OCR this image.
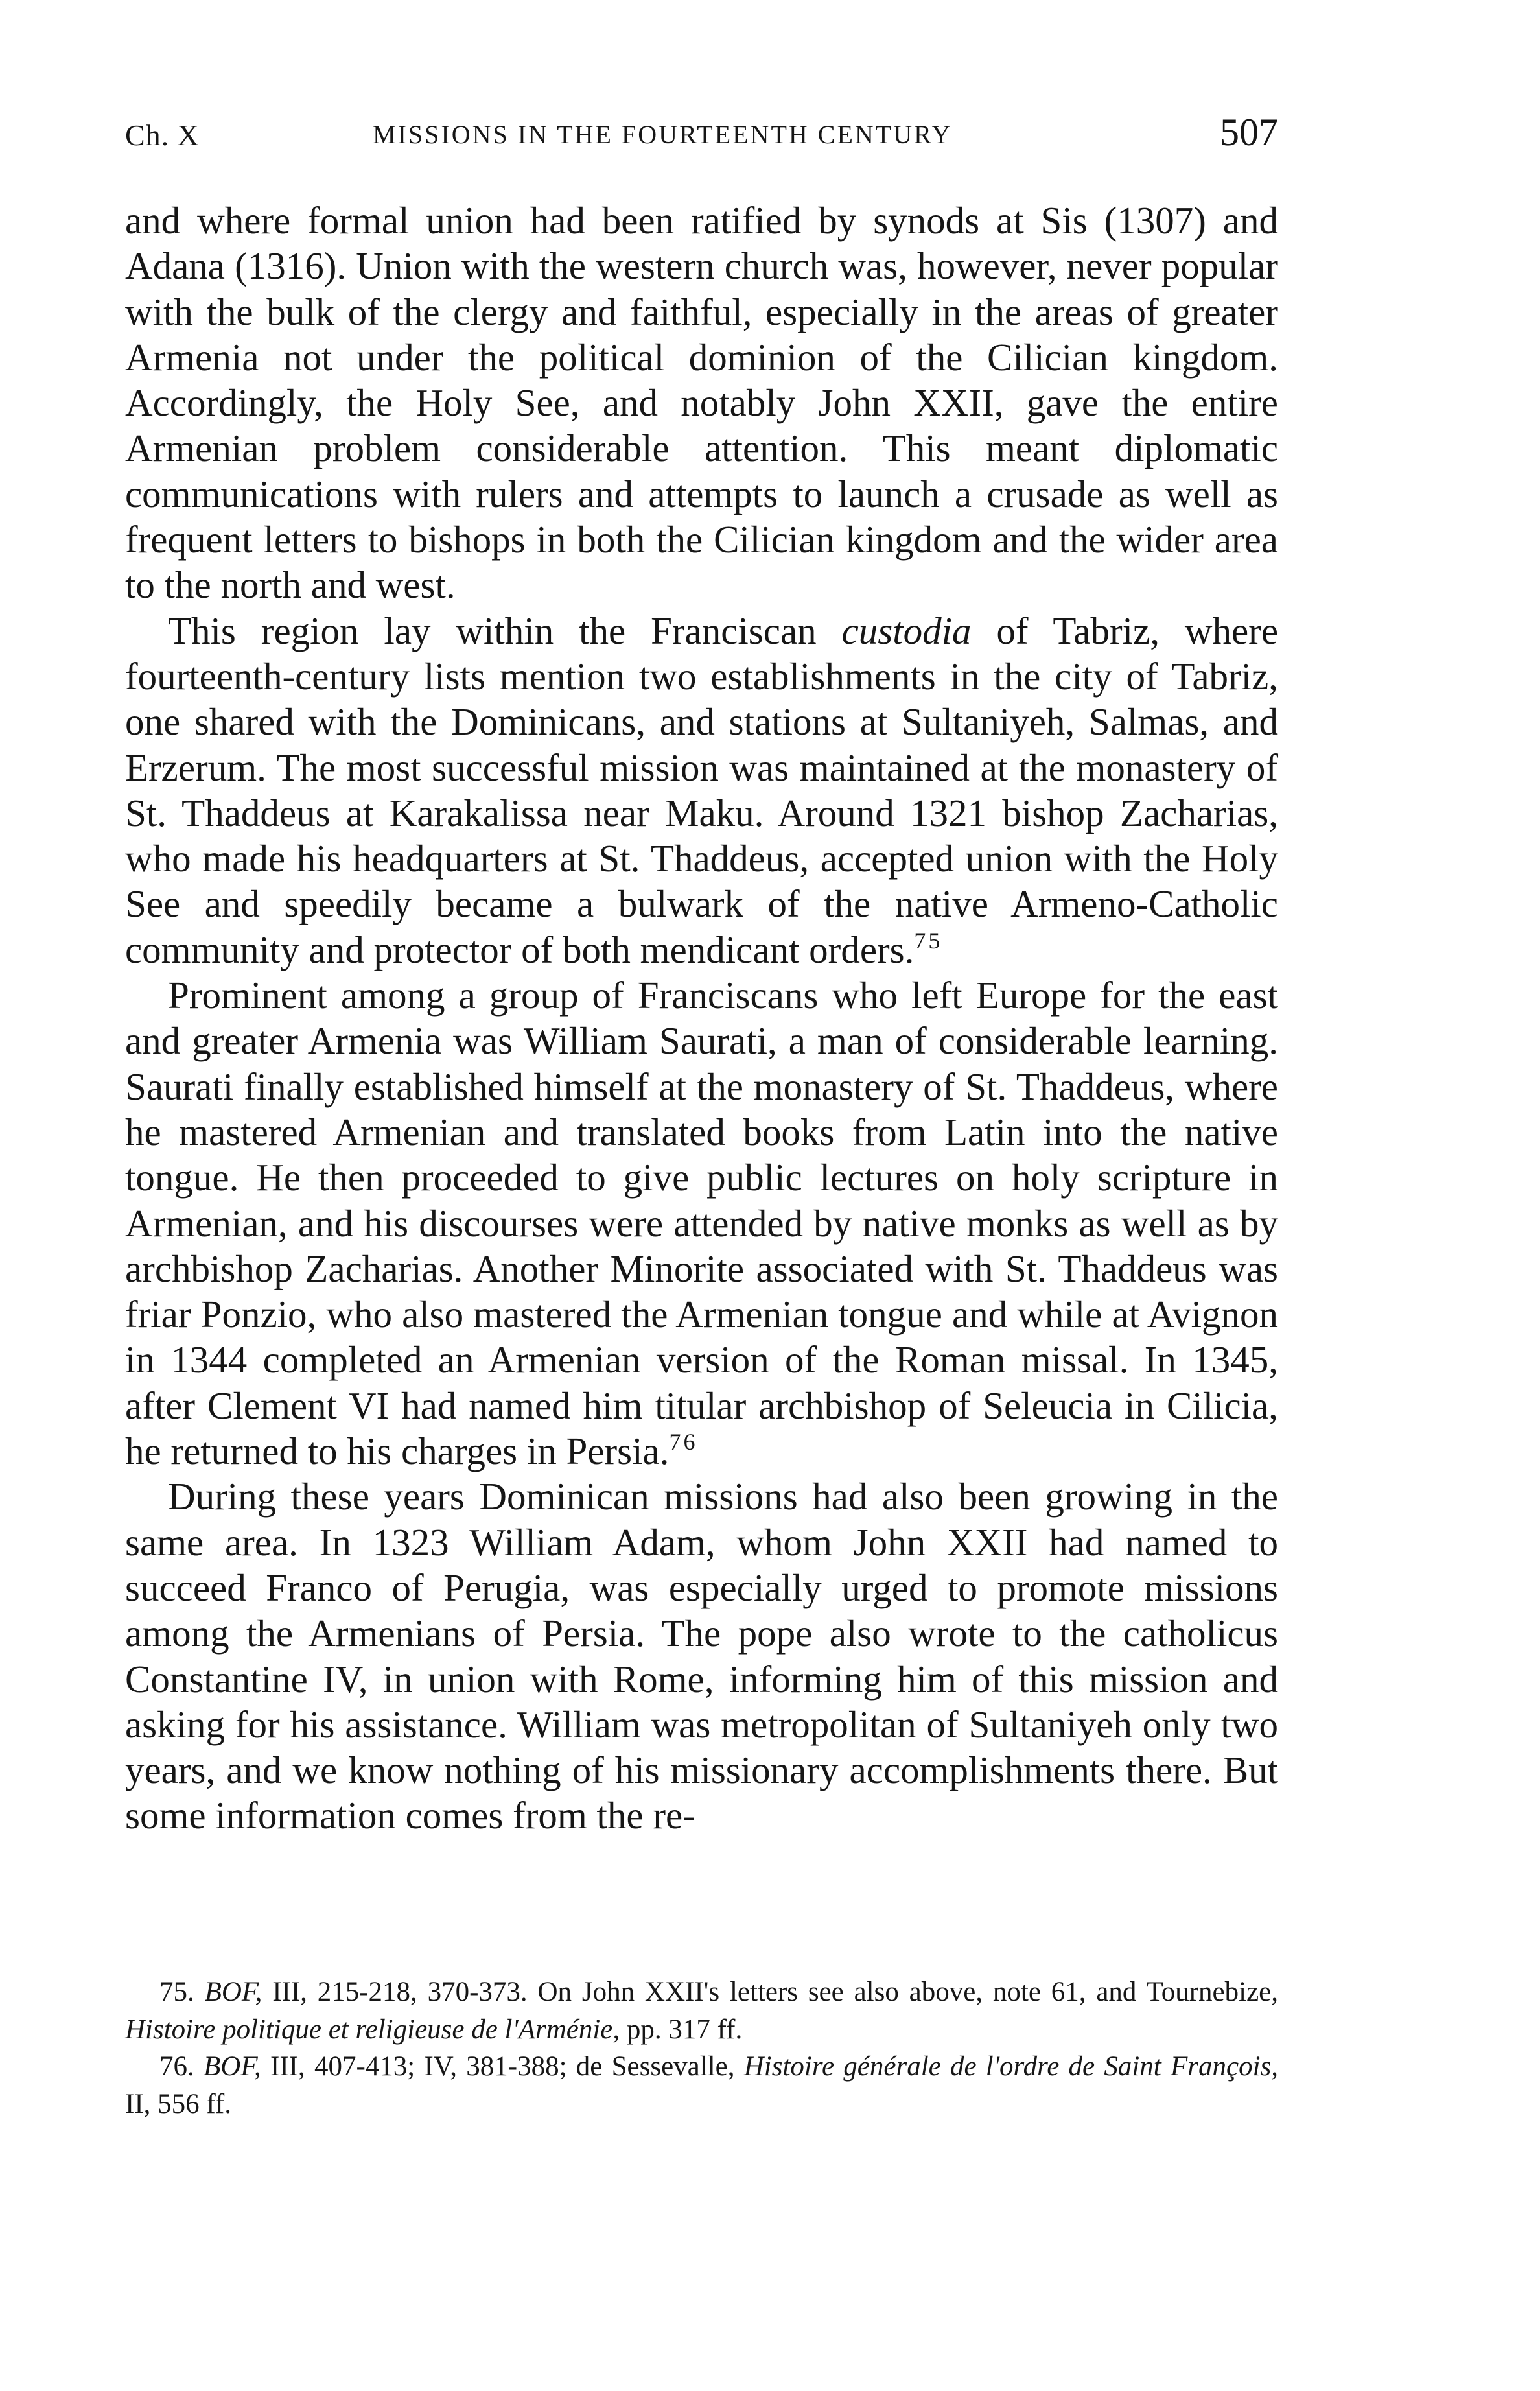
Ch. X	MISSIONS IN THE FOURTEENTH CENTURY	507

and where formal union had been ratified by synods at Sis (1307) and Adana (1316). Union with the western church was, however, never popular with the bulk of the clergy and faithful, especially in the areas of greater Armenia not under the political dominion of the Cilician kingdom. Accordingly, the Holy See, and notably John XXII, gave the entire Armenian problem considerable attention. This meant diplomatic communications with rulers and attempts to launch a crusade as well as frequent letters to bishops in both the Cilician kingdom and the wider area to the north and west.

This region lay within the Franciscan custodia of Tabriz, where fourteenth-century lists mention two establishments in the city of Tabriz, one shared with the Dominicans, and stations at Sultaniyeh, Salmas, and Erzerum. The most successful mission was maintained at the monastery of St. Thaddeus at Karakalissa near Maku. Around 1321 bishop Zacharias, who made his headquarters at St. Thaddeus, accepted union with the Holy See and speedily became a bulwark of the native Armeno-Catholic community and protector of both mendicant orders.$^{75}$

Prominent among a group of Franciscans who left Europe for the east and greater Armenia was William Saurati, a man of considerable learning. Saurati finally established himself at the monastery of St. Thaddeus, where he mastered Armenian and translated books from Latin into the native tongue. He then proceeded to give public lectures on holy scripture in Armenian, and his discourses were attended by native monks as well as by archbishop Zacharias. Another Minorite associated with St. Thaddeus was friar Ponzio, who also mastered the Armenian tongue and while at Avignon in 1344 completed an Armenian version of the Roman missal. In 1345, after Clement VI had named him titular archbishop of Seleucia in Cilicia, he returned to his charges in Persia.$^{76}$

During these years Dominican missions had also been growing in the same area. In 1323 William Adam, whom John XXII had named to succeed Franco of Perugia, was especially urged to promote missions among the Armenians of Persia. The pope also wrote to the catholicus Constantine IV, in union with Rome, informing him of this mission and asking for his assistance. William was metropolitan of Sultaniyeh only two years, and we know nothing of his missionary accomplishments there. But some information comes from the re-

75. BOF, III, 215-218, 370-373. On John XXII's letters see also above, note 61, and Tournebize, Histoire politique et religieuse de l'Arménie, pp. 317 ff.

76. BOF, III, 407-413; IV, 381-388; de Sessevalle, Histoire générale de l'ordre de Saint François, II, 556 ff.
